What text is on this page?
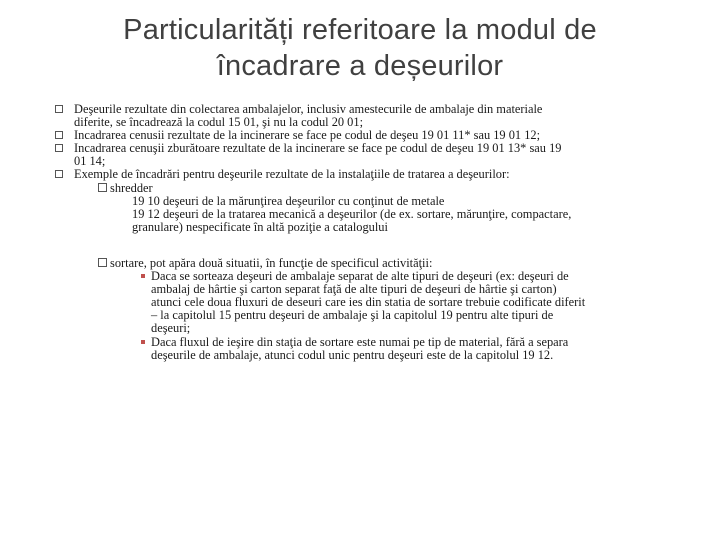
Particularități referitoare la modul de
încadrare a deșeurilor
Deşeurile rezultate din colectarea ambalajelor, inclusiv amestecurile de ambalaje din materiale
diferite, se încadrează la codul 15 01, şi nu la codul 20 01;
Incadrarea cenusii rezultate de la incinerare se face pe codul de deşeu 19 01 11* sau 19 01 12;
Incadrarea cenuşii zburătoare rezultate de la incinerare se face pe codul de deşeu 19 01 13* sau 19
01 14;
Exemple de încadrări pentru deşeurile rezultate de la instalaţiile de tratarea a deşeurilor:
shredder
19 10 deşeuri de la mărunţirea deşeurilor cu conţinut de metale
19 12 deşeuri de la tratarea mecanică a deşeurilor (de ex. sortare, mărunţire, compactare,
granulare) nespecificate în altă poziţie a catalogului
sortare, pot apăra două situatii, în funcţie de specificul activităţii:
Daca se sorteaza deşeuri de ambalaje separat de alte tipuri de deşeuri (ex: deşeuri de
ambalaj de hârtie şi carton separat faţă de alte tipuri de deşeuri de hârtie şi carton)
atunci cele doua fluxuri de deseuri care ies din statia de sortare trebuie codificate diferit
– la capitolul 15 pentru deşeuri de ambalaje şi la capitolul 19 pentru alte tipuri de
deşeuri;
Daca fluxul de ieşire din staţia de sortare este numai pe tip de material, fără a separa
deşeurile de ambalaje, atunci codul unic pentru deşeuri este de la capitolul 19 12.
